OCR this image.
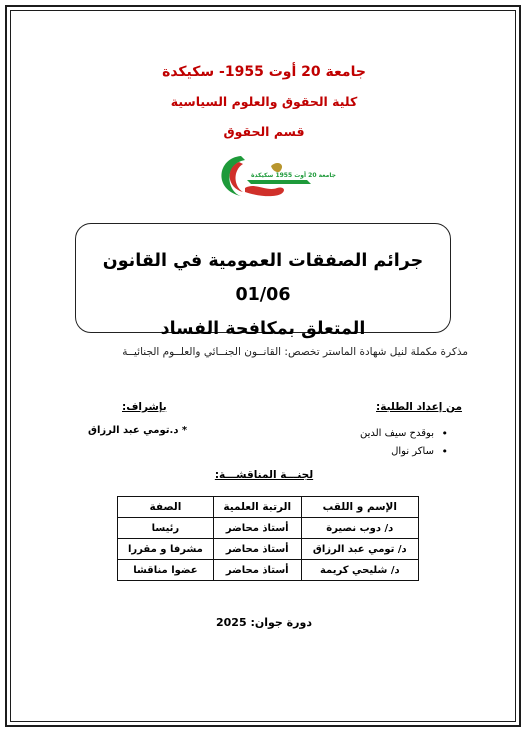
جامعة 20 أوت 1955- سكيكدة
كلية الحقوق والعلوم السياسية
قسم الحقوق
جامعة 20 أوت 1955 سكيكدة
جرائم الصفقات العمومية في القانون 01/06
المتعلق بمكافحة الفساد
مذكرة مكملة لنيل شهادة الماستر تخصص: القانــون الجنــائي والعلــوم الجنائيــة
من إعداد الطلبة:
• بوقدح سيف الدين
• ساكر نوال
بإشراف:
* د.تومي عبد الرزاق
لجنـــة المناقشـــة:
الإسم و اللقب	الرتبة العلمية	الصفة
د/ دوب نصيرة	أستاذ محاضر	رئيسا
د/ تومي عبد الرزاق	أستاذ محاضر	مشرفا و مقررا
د/ شليحي كريمة	أستاذ محاضر	عضوا مناقشا
دورة جوان: 2025
